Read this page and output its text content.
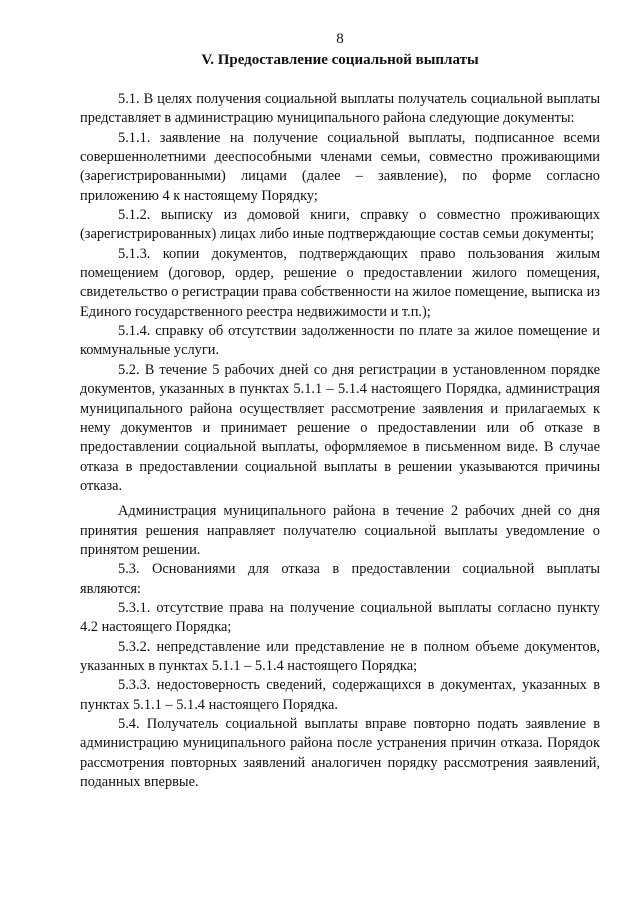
8
V. Предоставление социальной выплаты

5.1. В целях получения социальной выплаты получатель социальной выплаты представляет в администрацию муниципального района следующие документы:

5.1.1. заявление на получение социальной выплаты, подписанное всеми совершеннолетними дееспособными членами семьи, совместно проживающими (зарегистрированными) лицами (далее – заявление), по форме согласно приложению 4 к настоящему Порядку;

5.1.2. выписку из домовой книги, справку о совместно проживающих (зарегистрированных) лицах либо иные подтверждающие состав семьи документы;

5.1.3. копии документов, подтверждающих право пользования жилым помещением (договор, ордер, решение о предоставлении жилого помещения, свидетельство о регистрации права собственности на жилое помещение, выписка из Единого государственного реестра недвижимости и т.п.);

5.1.4. справку об отсутствии задолженности по плате за жилое помещение и коммунальные услуги.

5.2. В течение 5 рабочих дней со дня регистрации в установленном порядке документов, указанных в пунктах 5.1.1 – 5.1.4 настоящего Порядка, администрация муниципального района осуществляет рассмотрение заявления и прилагаемых к нему документов и принимает решение о предоставлении или об отказе в предоставлении социальной выплаты, оформляемое в письменном виде. В случае отказа в предоставлении социальной выплаты в решении указываются причины отказа.

Администрация муниципального района в течение 2 рабочих дней со дня принятия решения направляет получателю социальной выплаты уведомление о принятом решении.

5.3. Основаниями для отказа в предоставлении социальной выплаты являются:

5.3.1. отсутствие права на получение социальной выплаты согласно пункту 4.2 настоящего Порядка;

5.3.2. непредставление или представление не в полном объеме документов, указанных в пунктах 5.1.1 – 5.1.4 настоящего Порядка;

5.3.3. недостоверность сведений, содержащихся в документах, указанных в пунктах 5.1.1 – 5.1.4 настоящего Порядка.

5.4. Получатель социальной выплаты вправе повторно подать заявление в администрацию муниципального района после устранения причин отказа. Порядок рассмотрения повторных заявлений аналогичен порядку рассмотрения заявлений, поданных впервые.
